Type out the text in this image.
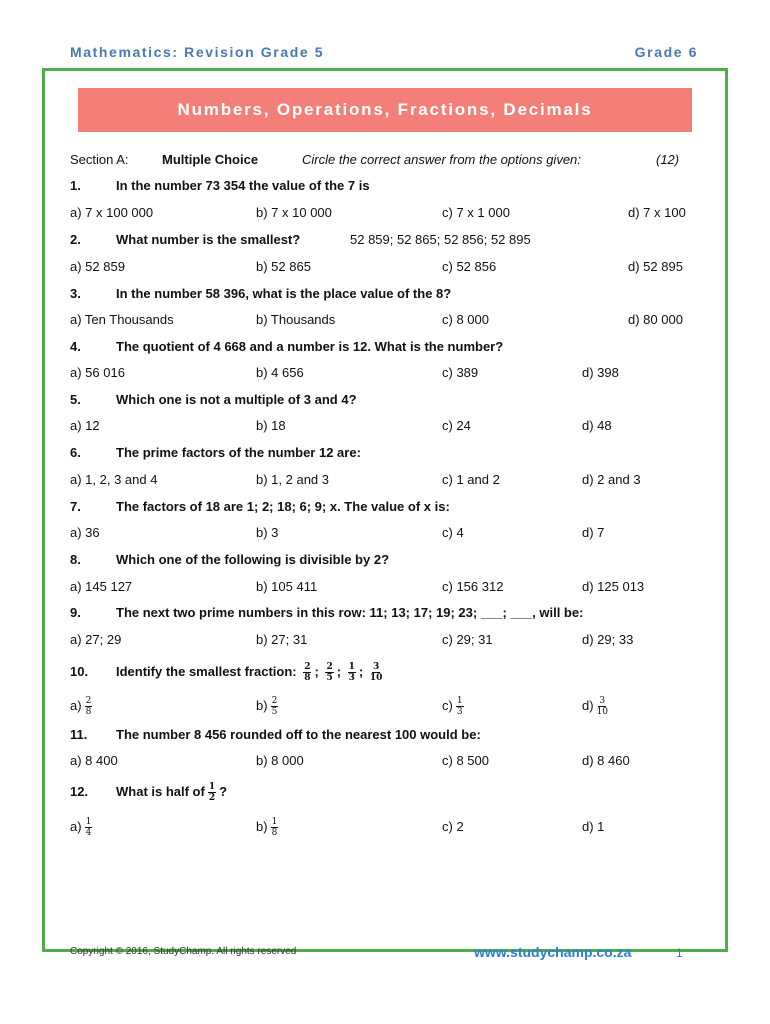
Mathematics: Revision Grade 5	Grade 6
Numbers, Operations, Fractions, Decimals
Section A:	Multiple Choice	Circle the correct answer from the options given:	(12)
1.	In the number 73 354 the value of the 7 is
a) 7 x 100 000	b) 7 x 10 000	c) 7 x 1 000	d) 7 x 100
2.	What number is the smallest?	52 859; 52 865; 52 856; 52 895
a) 52 859	b) 52 865	c) 52 856	d) 52 895
3.	In the number 58 396, what is the place value of the 8?
a) Ten Thousands	b) Thousands	c) 8 000	d) 80 000
4.	The quotient of 4 668 and a number is 12. What is the number?
a) 56 016	b) 4 656	c) 389	d) 398
5.	Which one is not a multiple of 3 and 4?
a) 12	b) 18	c) 24	d) 48
6.	The prime factors of the number 12 are:
a) 1, 2, 3 and 4	b) 1, 2 and 3	c) 1 and 2	d) 2 and 3
7.	The factors of 18 are 1; 2; 18; 6; 9; x. The value of x is:
a) 36	b) 3	c) 4	d) 7
8.	Which one of the following is divisible by 2?
a) 145 127	b) 105 411	c) 156 312	d) 125 013
9.	The next two prime numbers in this row: 11; 13; 17; 19; 23; ___; ___, will be:
a) 27; 29	b) 27; 31	c) 29; 31	d) 29; 33
10. Identify the smallest fraction: $\frac{2}{8}$ ; $\frac{2}{5}$ ; $\frac{1}{3}$ ; $\frac{3}{10}$
$a) \frac{2}{8}$	$b) \frac{2}{5}$	$c) \frac{1}{3}$	$d) \frac{3}{10}$
11. The number 8 456 rounded off to the nearest 100 would be:
a) 8 400	b) 8 000	c) 8 500	d) 8 460
12. What is half of $\frac{1}{2}$ ?
$a) \frac{1}{4}$	$b) \frac{1}{8}$	c) 2	d) 1
Copyright © 2016, StudyChamp. All rights reserved	www.studychamp.co.za	1
